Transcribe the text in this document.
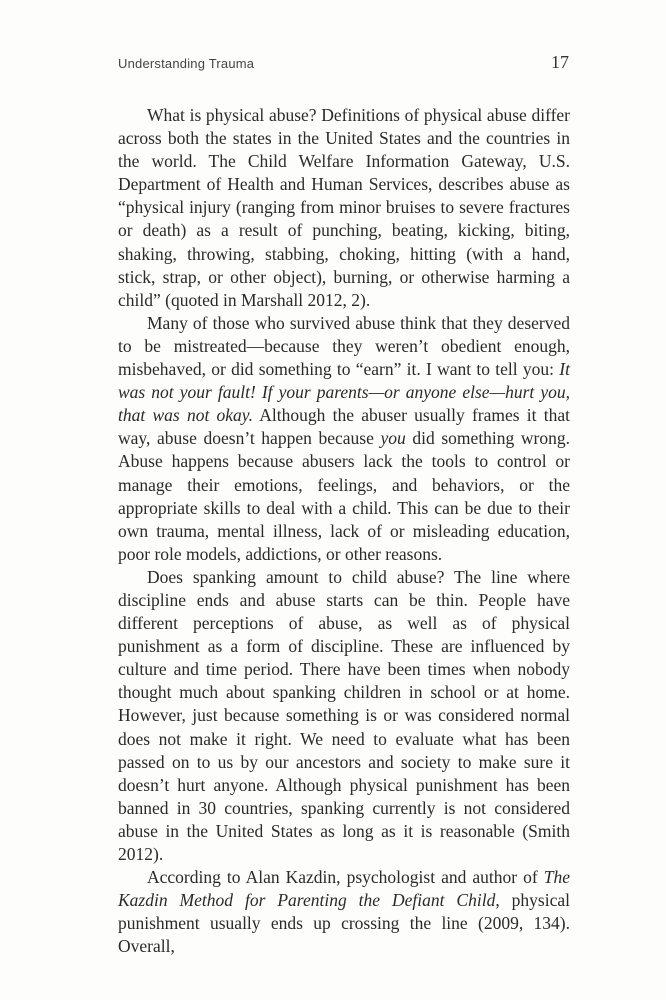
Understanding Trauma	17

What is physical abuse? Definitions of physical abuse differ across both the states in the United States and the countries in the world. The Child Welfare Information Gateway, U.S. Department of Health and Human Services, describes abuse as “physical injury (ranging from minor bruises to severe fractures or death) as a result of punching, beating, kicking, biting, shaking, throwing, stabbing, choking, hitting (with a hand, stick, strap, or other object), burning, or otherwise harming a child” (quoted in Marshall 2012, 2).

Many of those who survived abuse think that they deserved to be mistreated—because they weren’t obedient enough, misbehaved, or did something to “earn” it. I want to tell you: It was not your fault! If your parents—or anyone else—hurt you, that was not okay. Although the abuser usually frames it that way, abuse doesn’t happen because you did something wrong. Abuse happens because abusers lack the tools to control or manage their emotions, feelings, and behaviors, or the appropriate skills to deal with a child. This can be due to their own trauma, mental illness, lack of or misleading education, poor role models, addictions, or other reasons.

Does spanking amount to child abuse? The line where discipline ends and abuse starts can be thin. People have different perceptions of abuse, as well as of physical punishment as a form of discipline. These are influenced by culture and time period. There have been times when nobody thought much about spanking children in school or at home. However, just because something is or was considered normal does not make it right. We need to evaluate what has been passed on to us by our ancestors and society to make sure it doesn’t hurt anyone. Although physical punishment has been banned in 30 countries, spanking currently is not considered abuse in the United States as long as it is reasonable (Smith 2012).

According to Alan Kazdin, psychologist and author of The Kazdin Method for Parenting the Defiant Child, physical punishment usually ends up crossing the line (2009, 134). Overall,
